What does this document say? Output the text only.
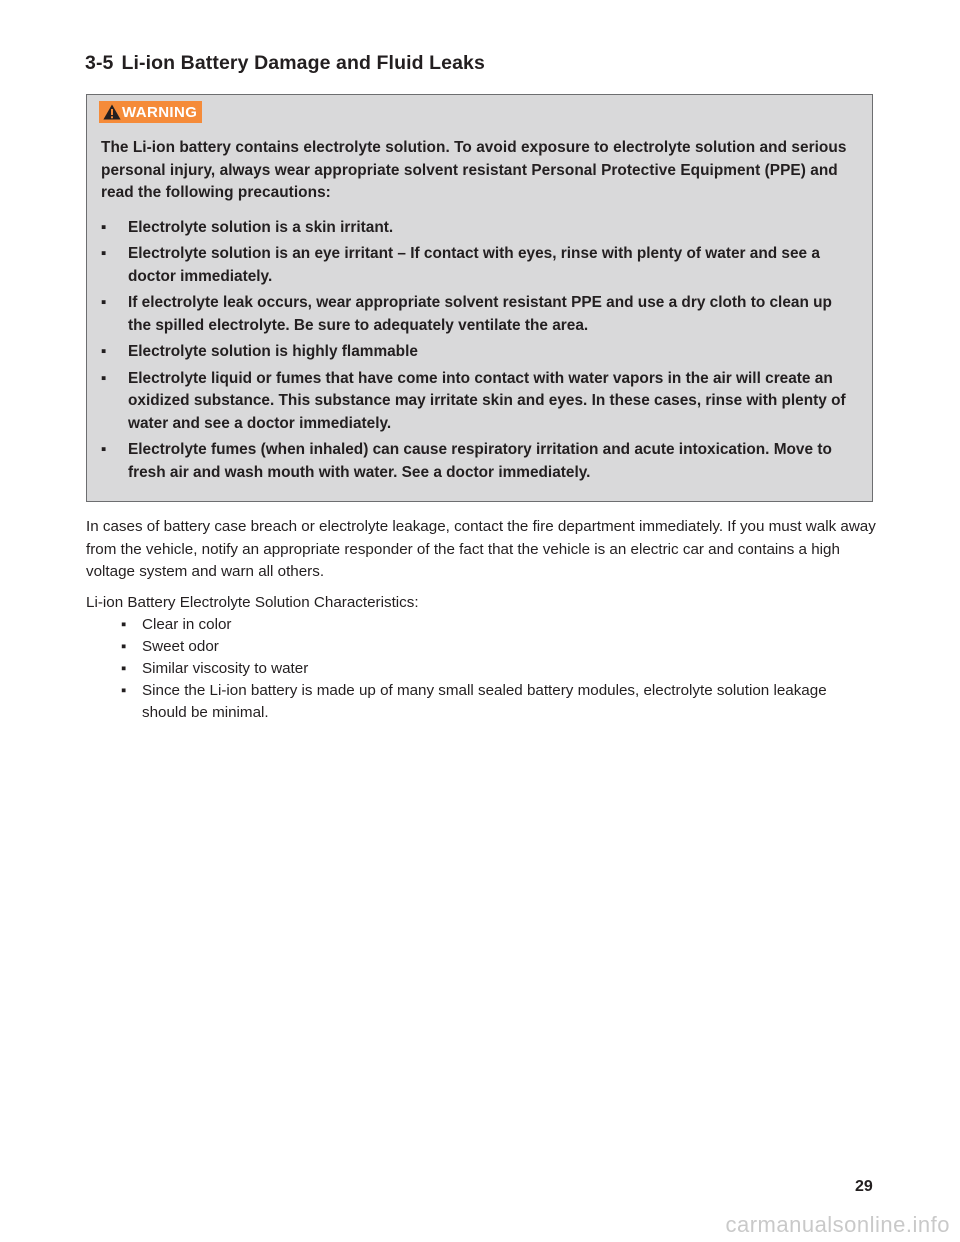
3-5 Li-ion Battery Damage and Fluid Leaks
WARNING

The Li-ion battery contains electrolyte solution. To avoid exposure to electrolyte solution and serious personal injury, always wear appropriate solvent resistant Personal Protective Equipment (PPE) and read the following precautions:

▪ Electrolyte solution is a skin irritant.
▪ Electrolyte solution is an eye irritant – If contact with eyes, rinse with plenty of water and see a doctor immediately.
▪ If electrolyte leak occurs, wear appropriate solvent resistant PPE and use a dry cloth to clean up the spilled electrolyte. Be sure to adequately ventilate the area.
▪ Electrolyte solution is highly flammable
▪ Electrolyte liquid or fumes that have come into contact with water vapors in the air will create an oxidized substance. This substance may irritate skin and eyes. In these cases, rinse with plenty of water and see a doctor immediately.
▪ Electrolyte fumes (when inhaled) can cause respiratory irritation and acute intoxication. Move to fresh air and wash mouth with water. See a doctor immediately.

In cases of battery case breach or electrolyte leakage, contact the fire department immediately. If you must walk away from the vehicle, notify an appropriate responder of the fact that the vehicle is an electric car and contains a high voltage system and warn all others.

Li-ion Battery Electrolyte Solution Characteristics:

▪ Clear in color
▪ Sweet odor
▪ Similar viscosity to water
▪ Since the Li-ion battery is made up of many small sealed battery modules, electrolyte solution leakage should be minimal.
29
carmanualsonline.info
